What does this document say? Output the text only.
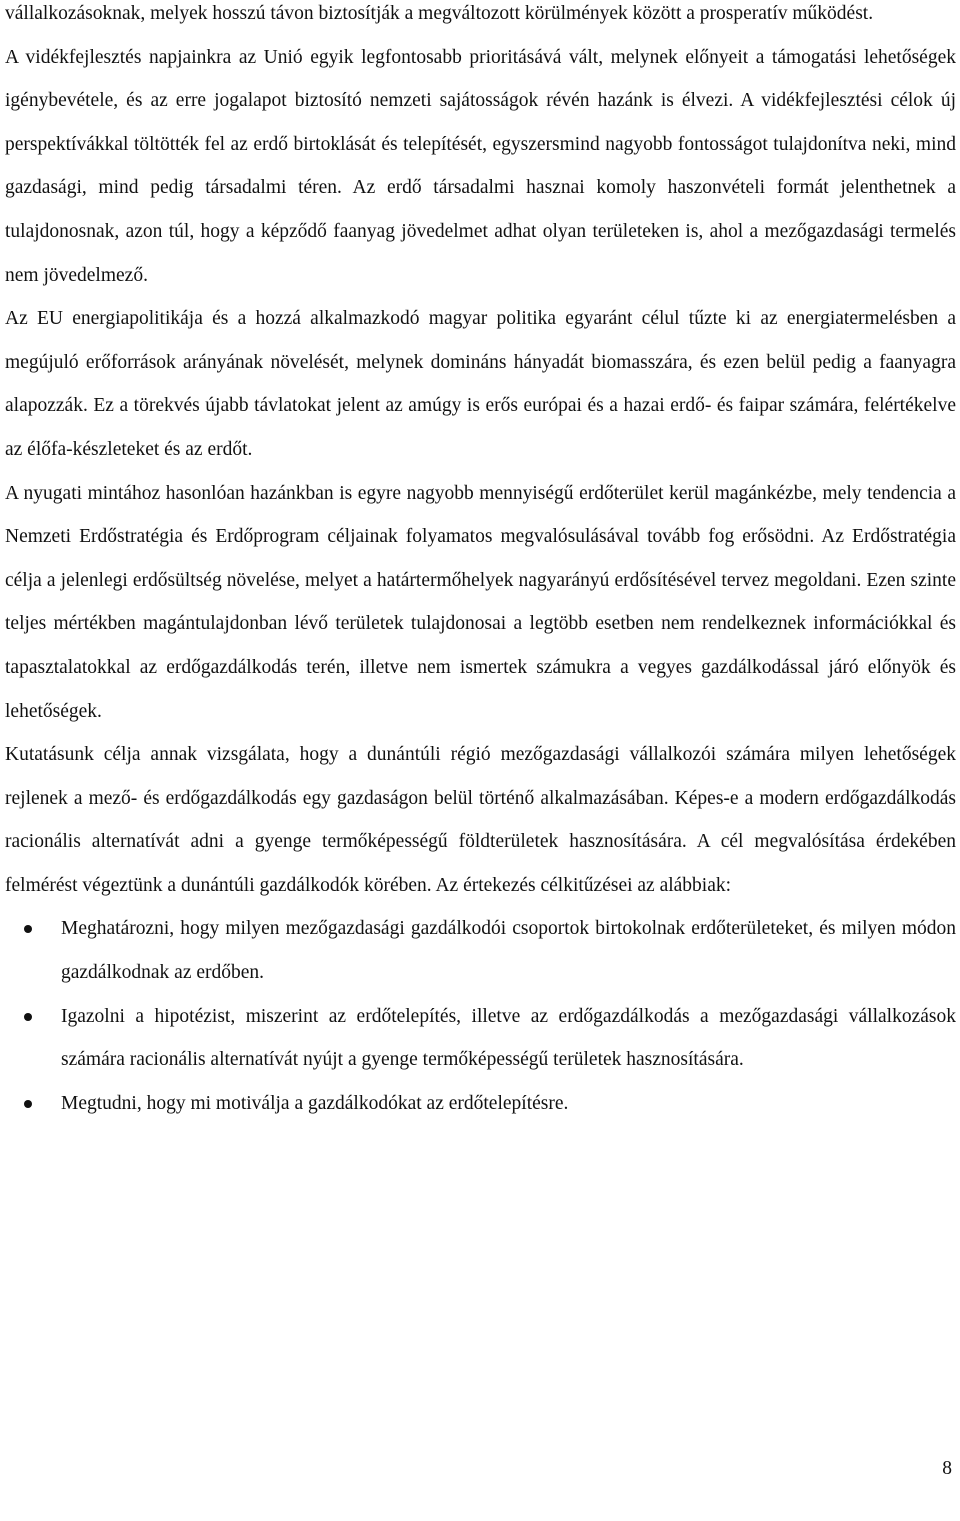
vállalkozásoknak, melyek hosszú távon biztosítják a megváltozott körülmények között a prosperatív működést.

A vidékfejlesztés napjainkra az Unió egyik legfontosabb prioritásává vált, melynek előnyeit a támogatási lehetőségek igénybevétele, és az erre jogalapot biztosító nemzeti sajátosságok révén hazánk is élvezi. A vidékfejlesztési célok új perspektívákkal töltötték fel az erdő birtoklását és telepítését, egyszersmind nagyobb fontosságot tulajdonítva neki, mind gazdasági, mind pedig társadalmi téren. Az erdő társadalmi hasznai komoly haszonvételi formát jelenthetnek a tulajdonosnak, azon túl, hogy a képződő faanyag jövedelmet adhat olyan területeken is, ahol a mezőgazdasági termelés nem jövedelmező.

Az EU energiapolitikája és a hozzá alkalmazkodó magyar politika egyaránt célul tűzte ki az energiatermelésben a megújuló erőforrások arányának növelését, melynek domináns hányadát biomasszára, és ezen belül pedig a faanyagra alapozzák. Ez a törekvés újabb távlatokat jelent az amúgy is erős európai és a hazai erdő- és faipar számára, felértékelve az élőfa-készleteket és az erdőt.

A nyugati mintához hasonlóan hazánkban is egyre nagyobb mennyiségű erdőterület kerül magánkézbe, mely tendencia a Nemzeti Erdőstratégia és Erdőprogram céljainak folyamatos megvalósulásával tovább fog erősödni. Az Erdőstratégia célja a jelenlegi erdősültség növelése, melyet a határtermőhelyek nagyarányú erdősítésével tervez megoldani. Ezen szinte teljes mértékben magántulajdonban lévő területek tulajdonosai a legtöbb esetben nem rendelkeznek információkkal és tapasztalatokkal az erdőgazdálkodás terén, illetve nem ismertek számukra a vegyes gazdálkodással járó előnyök és lehetőségek.

Kutatásunk célja annak vizsgálata, hogy a dunántúli régió mezőgazdasági vállalkozói számára milyen lehetőségek rejlenek a mező- és erdőgazdálkodás egy gazdaságon belül történő alkalmazásában. Képes-e a modern erdőgazdálkodás racionális alternatívát adni a gyenge termőképességű földterületek hasznosítására. A cél megvalósítása érdekében felmérést végeztünk a dunántúli gazdálkodók körében. Az értekezés célkitűzései az alábbiak:

Meghatározni, hogy milyen mezőgazdasági gazdálkodói csoportok birtokolnak erdőterületeket, és milyen módon gazdálkodnak az erdőben.
Igazolni a hipotézist, miszerint az erdőtelepítés, illetve az erdőgazdálkodás a mezőgazdasági vállalkozások számára racionális alternatívát nyújt a gyenge termőképességű területek hasznosítására.
Megtudni, hogy mi motiválja a gazdálkodókat az erdőtelepítésre.
8
